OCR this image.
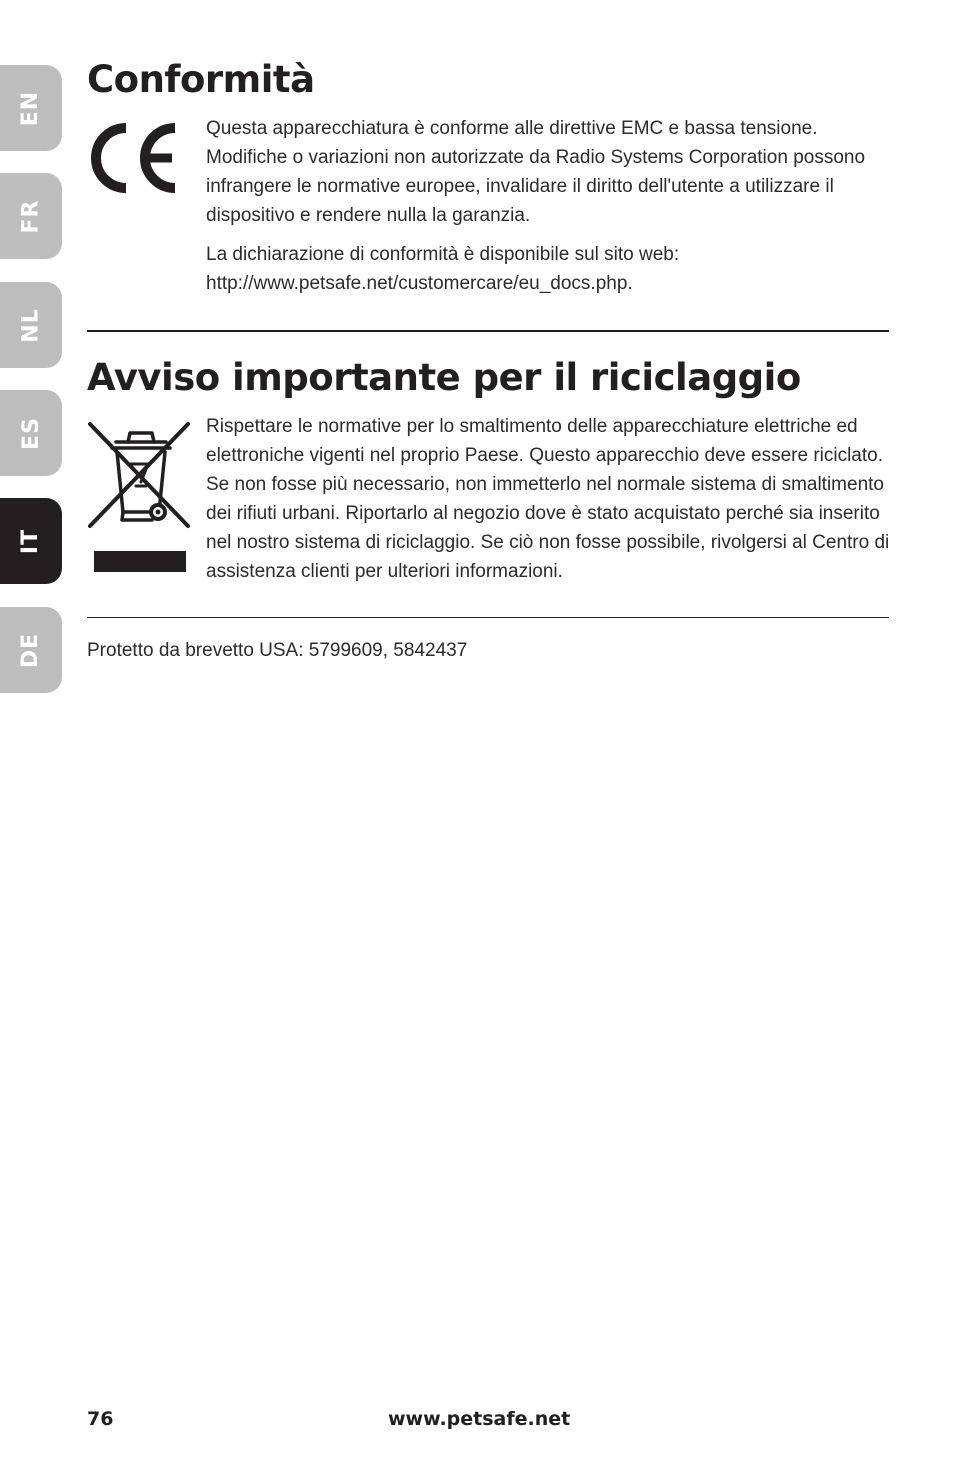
EN
FR
NL
ES
IT
DE
Conformità

Questa apparecchiatura è conforme alle direttive EMC e bassa tensione. Modifiche o variazioni non autorizzate da Radio Systems Corporation possono infrangere le normative europee, invalidare il diritto dell'utente a utilizzare il dispositivo e rendere nulla la garanzia.

La dichiarazione di conformità è disponibile sul sito web: http://www.petsafe.net/customercare/eu_docs.php.

Avviso importante per il riciclaggio

Rispettare le normative per lo smaltimento delle apparecchiature elettriche ed elettroniche vigenti nel proprio Paese. Questo apparecchio deve essere riciclato. Se non fosse più necessario, non immetterlo nel normale sistema di smaltimento dei rifiuti urbani. Riportarlo al negozio dove è stato acquistato perché sia inserito nel nostro sistema di riciclaggio. Se ciò non fosse possibile, rivolgersi al Centro di assistenza clienti per ulteriori informazioni.

Protetto da brevetto USA: 5799609, 5842437

76	www.petsafe.net
